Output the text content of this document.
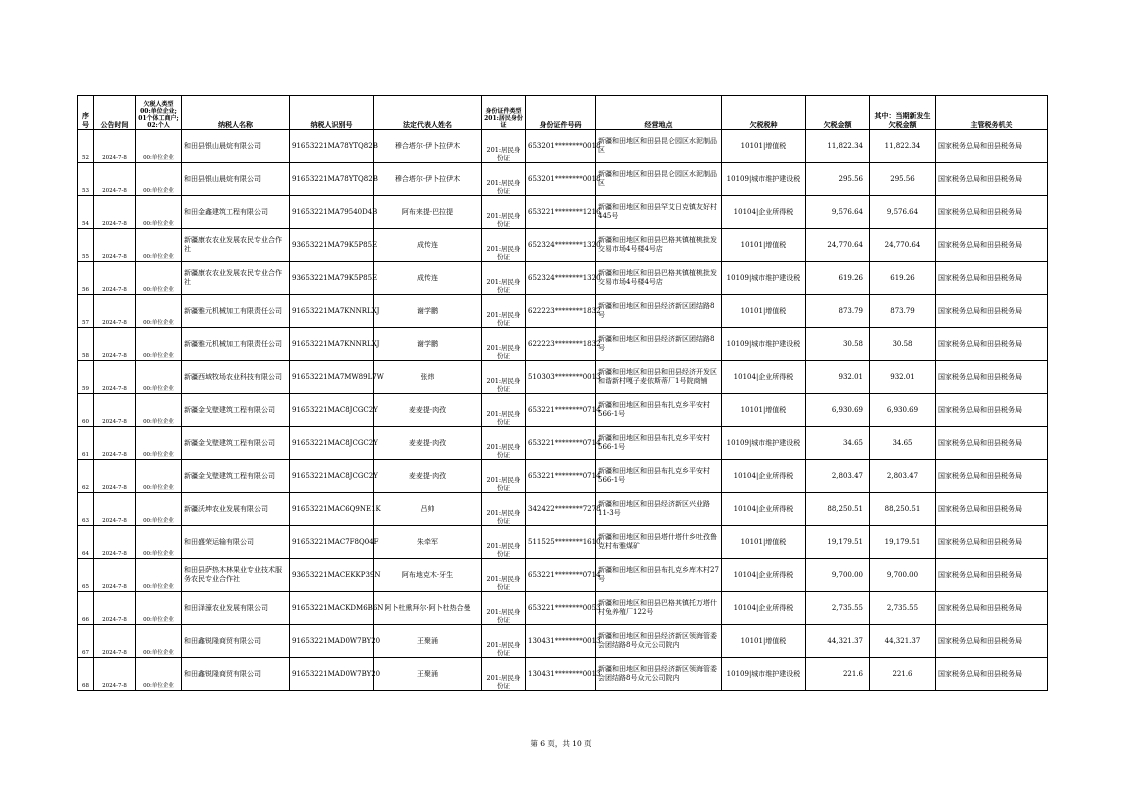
序号	公告时间	欠税人类型
00:单位企业;
01个体工商户;
02:个人	纳税人名称	纳税人识别号	法定代表人姓名	身份证件类型
201:居民身份证	身份证件号码	经营地点	欠税税种	欠税金额	其中：当期新发生欠税金额	主管税务机关
52	2024-7-8	00:单位企业	和田县银山晨烷有限公司	91653221MA78YTQ82B	穆合塔尔·伊卜拉伊木	201:居民身份证	653201********0018	新疆和田地区和田县昆仑园区水泥制品区	10101|增值税	11,822.34	11,822.34	国家税务总局和田县税务局
53	2024-7-8	00:单位企业	和田县银山晨烷有限公司	91653221MA78YTQ82B	穆合塔尔·伊卜拉伊木	201:居民身份证	653201********0018	新疆和田地区和田县昆仑园区水泥制品区	10109|城市维护建设税	295.56	295.56	国家税务总局和田县税务局
54	2024-7-8	00:单位企业	和田金鑫建筑工程有限公司	91653221MA79540D4B	阿布来提·巴拉提	201:居民身份证	653221********1216	新疆和田地区和田县罕艾日克镇友好村445号	10104|企业所得税	9,576.64	9,576.64	国家税务总局和田县税务局
55	2024-7-8	00:单位企业	新疆康农农业发展农民专业合作社	93653221MA79K5P85E	成传连	201:居民身份证	652324********1320	新疆和田地区和田县巴格其镇植桃批发交易市场4号楼4号店	10101|增值税	24,770.64	24,770.64	国家税务总局和田县税务局
56	2024-7-8	00:单位企业	新疆康农农业发展农民专业合作社	93653221MA79K5P85E	成传连	201:居民身份证	652324********1320	新疆和田地区和田县巴格其镇植桃批发交易市场4号楼4号店	10109|城市维护建设税	619.26	619.26	国家税务总局和田县税务局
57	2024-7-8	00:单位企业	新疆雅元机械加工有限责任公司	91653221MA7KNNRLXJ	谢学鹏	201:居民身份证	622223********1832	新疆和田地区和田县经济新区团结路8号	10101|增值税	873.79	873.79	国家税务总局和田县税务局
58	2024-7-8	00:单位企业	新疆雅元机械加工有限责任公司	91653221MA7KNNRLXJ	谢学鹏	201:居民身份证	622223********1832	新疆和田地区和田县经济新区团结路8号	10109|城市维护建设税	30.58	30.58	国家税务总局和田县税务局
59	2024-7-8	00:单位企业	新疆西域牧场农业科技有限公司	91653221MA7MW89L7W	张炜	201:居民身份证	510303********0013	新疆和田地区和田县和田县经济开发区和谐新村嘎子麦依斯蒂厂1号院商铺	10104|企业所得税	932.01	932.01	国家税务总局和田县税务局
60	2024-7-8	00:单位企业	新疆金戈壁建筑工程有限公司	91653221MAC8JCGC2Y	麦麦提·肉孜	201:居民身份证	653221********0714	新疆和田地区和田县布扎克乡平安村566-1号	10101|增值税	6,930.69	6,930.69	国家税务总局和田县税务局
61	2024-7-8	00:单位企业	新疆金戈壁建筑工程有限公司	91653221MAC8JCGC2Y	麦麦提·肉孜	201:居民身份证	653221********0714	新疆和田地区和田县布扎克乡平安村566-1号	10109|城市维护建设税	34.65	34.65	国家税务总局和田县税务局
62	2024-7-8	00:单位企业	新疆金戈壁建筑工程有限公司	91653221MAC8JCGC2Y	麦麦提·肉孜	201:居民身份证	653221********0714	新疆和田地区和田县布扎克乡平安村566-1号	10104|企业所得税	2,803.47	2,803.47	国家税务总局和田县税务局
63	2024-7-8	00:单位企业	新疆沃坤农业发展有限公司	91653221MAC6Q9NE1K	吕帅	201:居民身份证	342422********7278	新疆和田地区和田县经济新区兴业路11-3号	10104|企业所得税	88,250.51	88,250.51	国家税务总局和田县税务局
64	2024-7-8	00:单位企业	和田盛荣运输有限公司	91653221MAC7F8Q04F	朱牵军	201:居民身份证	511525********1610	新疆和田地区和田县塔什塔什乡吐孜鲁克村布雅煤矿	10101|增值税	19,179.51	19,179.51	国家税务总局和田县税务局
65	2024-7-8	00:单位企业	和田县萨热木林果业专业技术服务农民专业合作社	93653221MACEKKP39N	阿布地克木·牙生	201:居民身份证	653221********0714	新疆和田地区和田县布扎克乡库木村27号	10104|企业所得税	9,700.00	9,700.00	国家税务总局和田县税务局
66	2024-7-8	00:单位企业	和田泽濠农业发展有限公司	91653221MACKDM6B6N	阿卜杜熏拜尔·阿卜杜热合曼	201:居民身份证	653221********0053	新疆和田地区和田县巴格其镇托万塔什村兔养殖厂122号	10104|企业所得税	2,735.55	2,735.55	国家税务总局和田县税务局
67	2024-7-8	00:单位企业	和田鑫锐隆商贸有限公司	91653221MAD0W7BY20	王聚涌	201:居民身份证	130431********0013	新疆和田地区和田县经济新区领海管委会团结路8号众元公司院内	10101|增值税	44,321.37	44,321.37	国家税务总局和田县税务局
68	2024-7-8	00:单位企业	和田鑫锐隆商贸有限公司	91653221MAD0W7BY20	王聚涌	201:居民身份证	130431********0013	新疆和田地区和田县经济新区领海管委会团结路8号众元公司院内	10109|城市维护建设税	221.6	221.6	国家税务总局和田县税务局
第 6 页，共 10 页
